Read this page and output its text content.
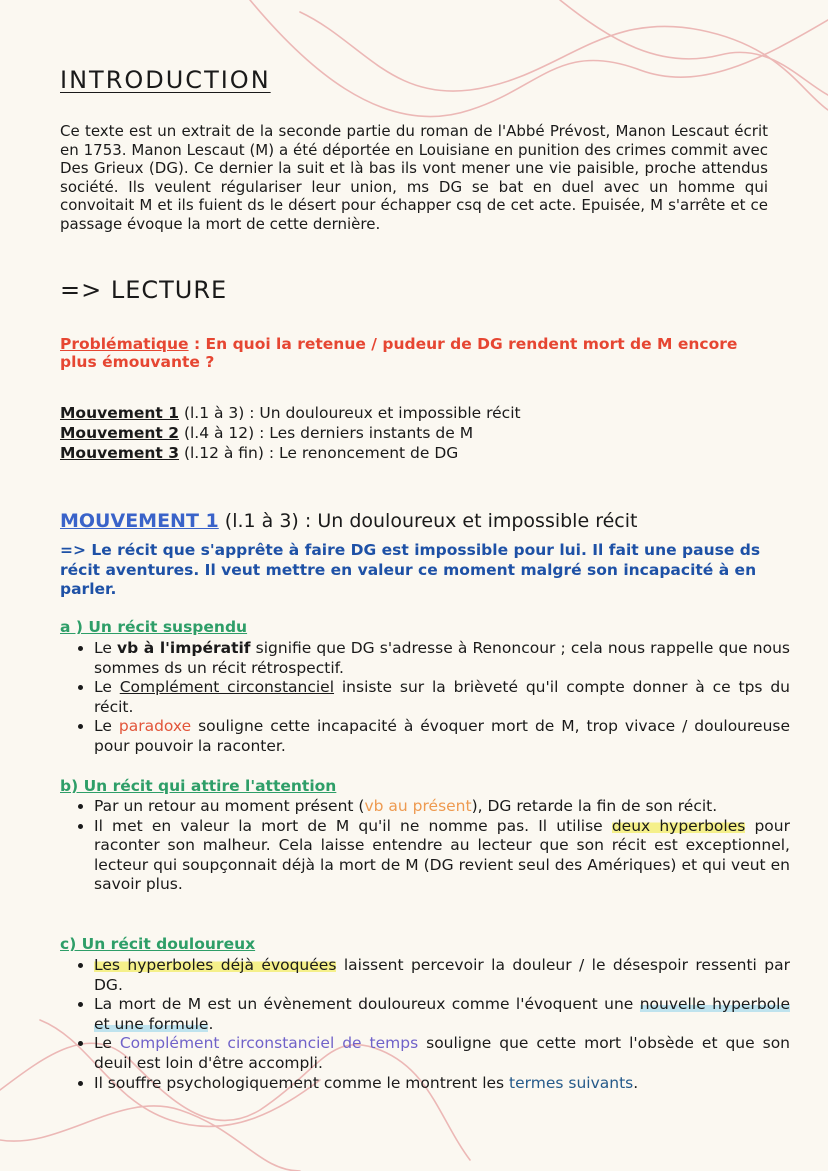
INTRODUCTION

Ce texte est un extrait de la seconde partie du roman de l'Abbé Prévost, Manon Lescaut écrit en 1753. Manon Lescaut (M) a été déportée en Louisiane en punition des crimes commit avec Des Grieux (DG). Ce dernier la suit et là bas ils vont mener une vie paisible, proche attendus société. Ils veulent régulariser leur union, ms DG se bat en duel avec un homme qui convoitait M et ils fuient ds le désert pour échapper csq de cet acte. Epuisée, M s'arrête et ce passage évoque la mort de cette dernière.

=> LECTURE

Problématique : En quoi la retenue / pudeur de DG rendent mort de M encore plus émouvante ?

Mouvement 1 (l.1 à 3) : Un douloureux et impossible récit
Mouvement 2 (l.4 à 12) : Les derniers instants de M
Mouvement 3 (l.12 à fin) : Le renoncement de DG
MOUVEMENT 1 (l.1 à 3) : Un douloureux et impossible récit

=> Le récit que s'apprête à faire DG est impossible pour lui. Il fait une pause ds récit aventures. Il veut mettre en valeur ce moment malgré son incapacité à en parler.

a ) Un récit suspendu
• Le vb à l'impératif signifie que DG s'adresse à Renoncour ; cela nous rappelle que nous sommes ds un récit rétrospectif.
• Le Complément circonstanciel insiste sur la brièveté qu'il compte donner à ce tps du récit.
• Le paradoxe souligne cette incapacité à évoquer mort de M, trop vivace / douloureuse pour pouvoir la raconter.
b) Un récit qui attire l'attention
• Par un retour au moment présent (vb au présent), DG retarde la fin de son récit.
• Il met en valeur la mort de M qu'il ne nomme pas. Il utilise deux hyperboles pour raconter son malheur. Cela laisse entendre au lecteur que son récit est exceptionnel, lecteur qui soupçonnait déjà la mort de M (DG revient seul des Amériques) et qui veut en savoir plus.
c) Un récit douloureux
• Les hyperboles déjà évoquées laissent percevoir la douleur / le désespoir ressenti par DG.
• La mort de M est un évènement douloureux comme l'évoquent une nouvelle hyperbole et une formule.
• Le Complément circonstanciel de temps souligne que cette mort l'obsède et que son deuil est loin d'être accompli.
• Il souffre psychologiquement comme le montrent les termes suivants.
